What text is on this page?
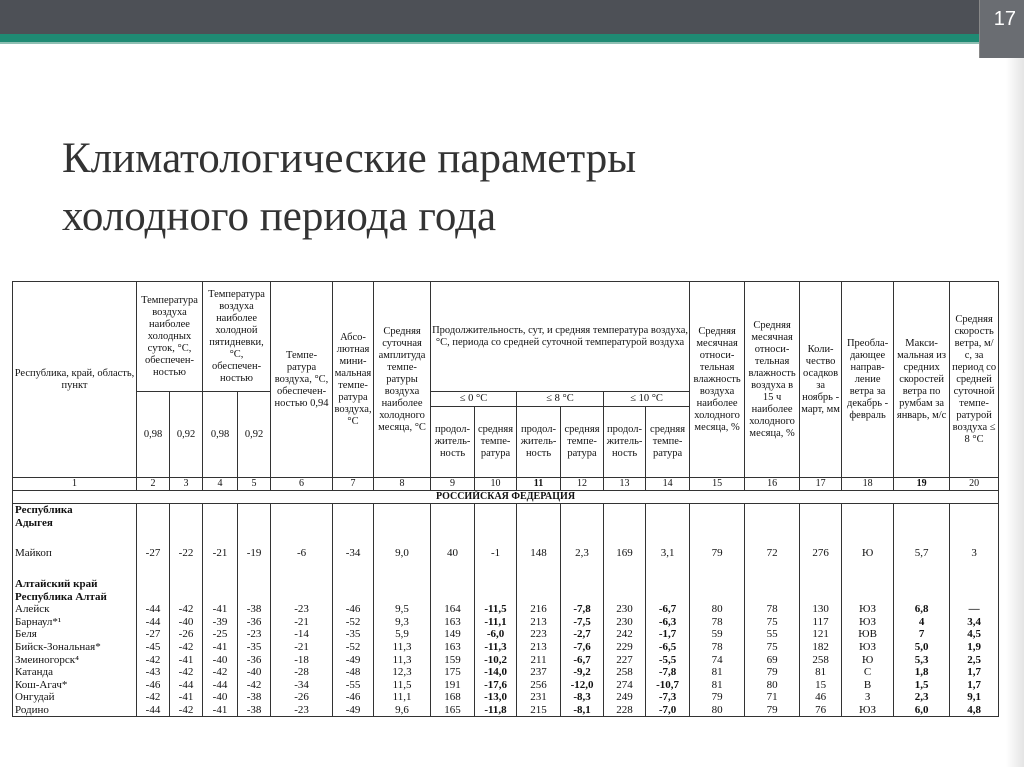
17
Климатологические параметры
холодного периода года
Республика, край, область, пункт	Температура воздуха наиболее холодных суток, °С, обеспечен-ностью		Температура воздуха наиболее холодной пятидневки, °С, обеспечен-ностью		Темпе-ратура воздуха, °С, обеспечен-ностью 0,94	Абсо-лютная мини-мальная темпе-ратура воздуха, °С	Средняя суточная амплитуда темпе-ратуры воздуха наиболее холодного месяца, °С	Продолжительность, сут, и средняя температура воздуха, °С, периода со средней суточной температурой воздуха						Средняя месячная относи-тельная влажность воздуха наиболее холодного месяца, %	Средняя месячная относи-тельная влажность воздуха в 15 ч наиболее холодного месяца, %	Коли-чество осадков за ноябрь - март, мм	Преобла-дающее направ-ление ветра за декабрь - февраль	Макси-мальная из средних скоростей ветра по румбам за январь, м/с	Средняя скорость ветра, м/с, за период со средней суточной темпе-ратурой воздуха ≤ 8 °С
	0,98	0,92	0,98	0,92				≤ 0 °С		≤ 8 °С		≤ 10 °С							
								продол-житель-ность	средняя темпе-ратура	продол-житель-ность	средняя темпе-ратура	продол-житель-ность	средняя темпе-ратура						
1	2	3	4	5	6	7	8	9	10	11	12	13	14	15	16	17	18	19	20
РОССИЙСКАЯ ФЕДЕРАЦИЯ																			
Республика																			
Адыгея																			

Майкоп	-27	-22	-21	-19	-6	-34	9,0	40	-1	148	2,3	169	3,1	79	72	276	Ю	5,7	3

Алтайский край																			
Республика Алтай																			
Алейск	-44	-42	-41	-38	-23	-46	9,5	164	-11,5	216	-7,8	230	-6,7	80	78	130	ЮЗ	6,8	—
Барнаул*¹	-44	-40	-39	-36	-21	-52	9,3	163	-11,1	213	-7,5	230	-6,3	78	75	117	ЮЗ	4	3,4
Беля	-27	-26	-25	-23	-14	-35	5,9	149	-6,0	223	-2,7	242	-1,7	59	55	121	ЮВ	7	4,5
Бийск-Зональная*	-45	-42	-41	-35	-21	-52	11,3	163	-11,3	213	-7,6	229	-6,5	78	75	182	ЮЗ	5,0	1,9
Змеиногорск⁴	-42	-41	-40	-36	-18	-49	11,3	159	-10,2	211	-6,7	227	-5,5	74	69	258	Ю	5,3	2,5
Катанда	-43	-42	-42	-40	-28	-48	12,3	175	-14,0	237	-9,2	258	-7,8	81	79	81	С	1,8	1,7
Кош-Агач*	-46	-44	-44	-42	-34	-55	11,5	191	-17,6	256	-12,0	274	-10,7	81	80	15	В	1,5	1,7
Онгудай	-42	-41	-40	-38	-26	-46	11,1	168	-13,0	231	-8,3	249	-7,3	79	71	46	З	2,3	9,1
Родино	-44	-42	-41	-38	-23	-49	9,6	165	-11,8	215	-8,1	228	-7,0	80	79	76	ЮЗ	6,0	4,8
